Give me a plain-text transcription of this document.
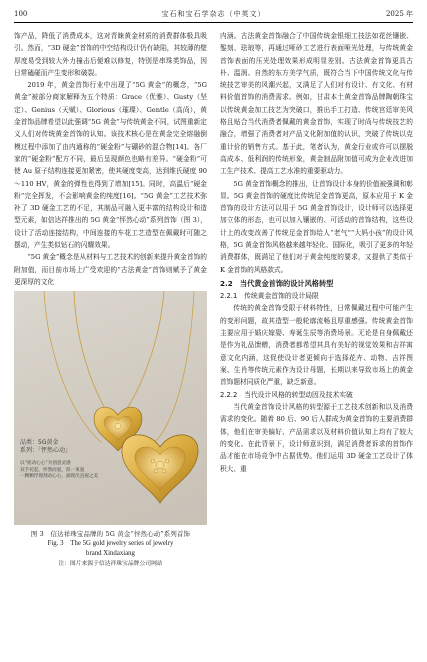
100	宝石和宝石学杂志（中英文）	2025 年

饰产品，降低了消费成本，这对青睐黄金材质的消费群体极具吸引。然而，“3D 硬金”首饰的中空结构设计仍有缺陷，其较薄的壁厚度易受到较大外力撞击后便难以修复，特别是串珠类饰品，因日常磕碰而产生变形和破裂。

2019 年，黄金首饰行业中出现了“5G 黄金”的概念，“5G 黄金”被部分商家解释为五个特质：Grace（优雅）、Gusty（坚定）、Genius（天赋）、Glorious（璀璨）、Gentle（高尚），黄金首饰品牌希望以此强调“5G 黄金”与传统黄金不同，试图重新定义人们对传统黄金首饰的认知。该技术核心是在黄金完全熔融倒模过程中添加了由内通称的“硬金粉”与硼砂的混合物[14]。各厂家的“硬金粉”配方不同，最后呈现颜色也略有差异。“硬金粉”可使 Au 原子结构连接更加紧密，使其硬度变高，达到维氏硬度 90～110 HV，黄金的弹性也得到了增加[15]。同时，高温后“硬金粉”完全挥发，不会影响黄金的纯度[16]。“5G 黄金”工艺技术弥补了 3D 硬金工艺的不足，其制品可融入更丰富的结构设计和造型元素，如信达祥推出的 5G 黄金“怦然心动”系列首饰（图 3），设计了活动连接结构，中间连接的车花工艺造型在佩戴时可随之摆动，产生类似钻石的闪耀效果。

“5G 黄金”概念是从材料与工艺技术的创新来提升黄金首饰的附加值，而目前市场上广受欢迎的“古法黄金”首饰则赋予了黄金更深厚的文化

品类：5G黄金
系列：「怦然心动」
以“摇动心心”为创意灵感
双手托起，怦然而爱，似一束爱
一颗颗浮现刻动心心，涌现出直视之美
图 3　信达祥珠宝品牌的 5G 黄金“怦然心动”系列首饰
Fig. 3　The 5G gold jewelry series of jewelry
brand Xindaxiang
注：图片来源于信达祥珠宝品牌公司网站

内涵。古法黄金首饰融合了中国传统金银细工技法如花丝镶嵌、錾刻、珐琅等，再通过哑砂工艺进行表面哑光处理，与传统黄金首饰表面的压光处理效果形成明显差别。古法黄金首饰更具古朴、温润、自然的东方美学气质，既符合当下中国传统文化与传统技艺审美的风潮兴起，又满足了人们对有设计、有文化、有材料价值首饰的消费需求。例如，甘肃本土黄金首饰品牌陶朝珠宝以传统黄金加工技艺为突破口，推出手工打造、传统宫廷审美风格且贴合当代消费者佩戴的黄金首饰，实现了时尚与传统技艺的融合，增强了消费者对产品文化附加值的认识，突破了传统以克重计价的销售方式。基于此，笔者认为，黄金行业或许可以摆脱高成本、低利润的传统形象，黄金制品附加值可成为企业改进加工生产技术、提高工艺水准的重要驱动力。

5G 黄金首饰概念的推出，让首饰设计本身的价值被强调和彰显。5G 黄金首饰的硬度比传统足金首饰更高，原本应用于 K 金首饰的设计方法可以用于 5G 黄金首饰设计，设计师可以选择更加立体的形态，也可以加入镶嵌的、可活动的首饰结构，这些设计上的改变改善了传统足金首饰给人“老气”“大妈小孩”的设计风格，5G 黄金首饰风格越来越年轻化、国际化，吸引了更多的年轻消费群体，既满足了他们对于黄金纯度的要求，又提供了类似于 K 金首饰的风格款式。

2.2　当代黄金首饰的设计风格转型
2.2.1　传统黄金首饰的设计局限

传统的黄金首饰受限于材料特性，日常佩戴过程中可能产生的变形问题，故其造型一般轮廓流畅且厚重感强。传统黄金首饰主要应用于婚庆嫁娶、寿诞生辰等消费场景。无论是自身佩戴还是作为礼品馈赠，消费者都希望其具有美好的视觉效果和吉祥寓意文化内涵，这促使设计者更倾向于选择花卉、动物、吉祥图案、生肖等传统元素作为设计母题，长期以来导致市场上的黄金首饰题材同质化严重，缺乏新意。

2.2.2　当代设计风格的转型动因及技术实破

当代黄金首饰设计风格的转型源于工艺技术创新和以及消费需求的变化。随着 80 后、90 后人群成为黄金首饰的主要消费群体，他们在审美偏好、产品需求以及材料价值认知上均有了较大的变化。在此背景下，设计师意识到，满足消费者诉求的首饰作品才能在市场竞争中占据优势。他们运用 3D 硬金工艺设计了体积大、重
